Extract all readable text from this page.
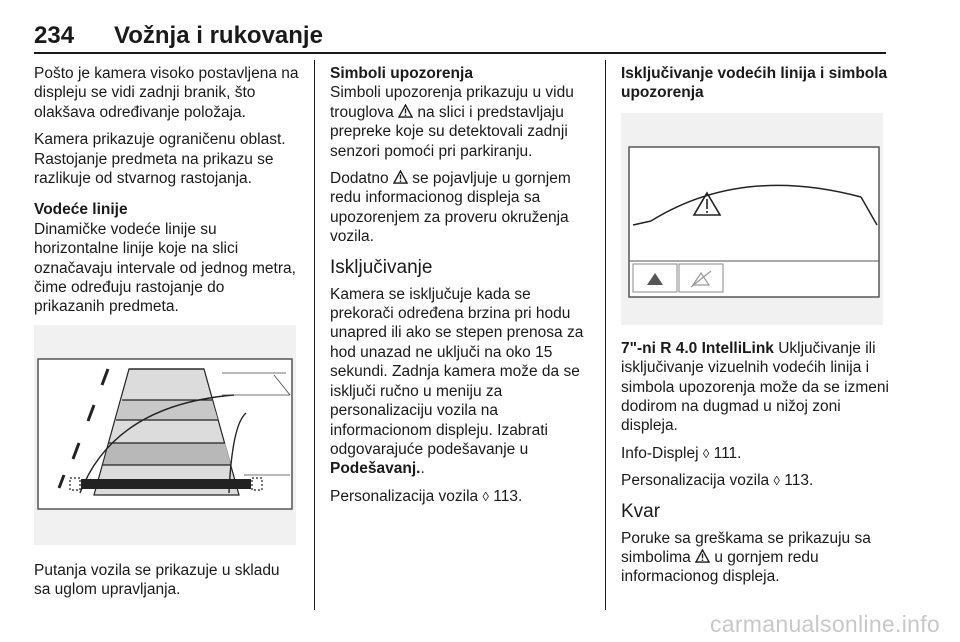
234 Vožnja i rukovanje

Pošto je kamera visoko postavljena na displeju se vidi zadnji branik, što olakšava određivanje položaja.

Kamera prikazuje ograničenu oblast. Rastojanje predmeta na prikazu se razlikuje od stvarnog rastojanja.

Vodeće linije

Dinamičke vodeće linije su horizontalne linije koje na slici označavaju intervale od jednog metra, čime određuju rastojanje do prikazanih predmeta.

Putanja vozila se prikazuje u skladu sa uglom upravljanja.

Simboli upozorenja

Simboli upozorenja prikazuju u vidu trouglova  na slici i predstavljaju prepreke koje su detektovali zadnji senzori pomoći pri parkiranju.

Dodatno  se pojavljuje u gornjem redu informacionog displeja sa upozorenjem za proveru okruženja vozila.

Isključivanje

Kamera se isključuje kada se prekorači određena brzina pri hodu unapred ili ako se stepen prenosa za hod unazad ne uključi na oko 15 sekundi. Zadnja kamera može da se isključi ručno u meniju za personalizaciju vozila na informacionom displeju. Izabrati odgovarajuće podešavanje u Podešavanj..

Personalizacija vozila ◊ 113.

Isključivanje vodećih linija i simbola upozorenja

7"-ni R 4.0 IntelliLink Uključivanje ili isključivanje vizuelnih vodećih linija i simbola upozorenja može da se izmeni dodirom na dugmad u nižoj zoni displeja.

Info-Displej ◊ 111.

Personalizacija vozila ◊ 113.

Kvar

Poruke sa greškama se prikazuju sa simbolima  u gornjem redu informacionog displeja.

carmanualsonline.info
